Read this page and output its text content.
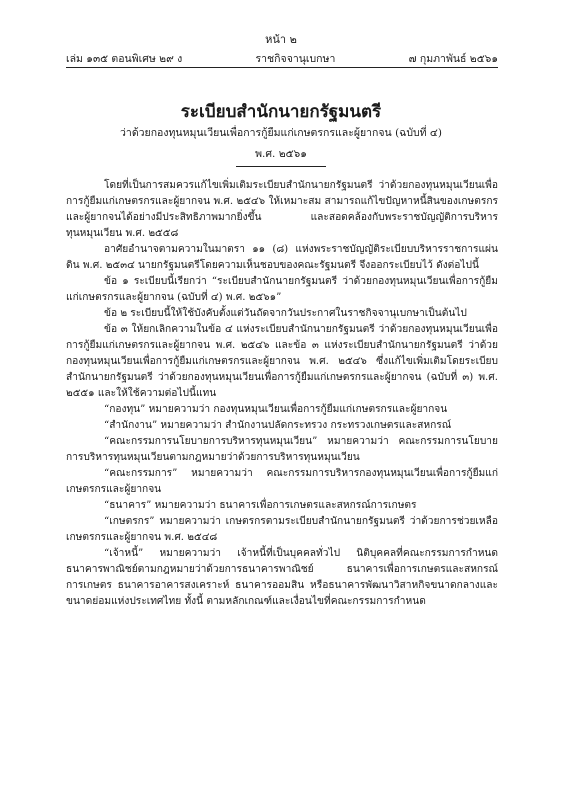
หน้า ๒
เล่ม ๑๓๕ ตอนพิเศษ ๒๙ ง	ราชกิจจานุเบกษา	๗ กุมภาพันธ์ ๒๕๖๑
ระเบียบสำนักนายกรัฐมนตรี
ว่าด้วยกองทุนหมุนเวียนเพื่อการกู้ยืมแก่เกษตรกรและผู้ยากจน (ฉบับที่ ๔)
พ.ศ. ๒๕๖๑

โดยที่เป็นการสมควรแก้ไขเพิ่มเติมระเบียบสำนักนายกรัฐมนตรี ว่าด้วยกองทุนหมุนเวียนเพื่อการกู้ยืมแก่เกษตรกรและผู้ยากจน พ.ศ. ๒๕๔๖ ให้เหมาะสม สามารถแก้ไขปัญหาหนี้สินของเกษตรกรและผู้ยากจนได้อย่างมีประสิทธิภาพมากยิ่งขึ้น และสอดคล้องกับพระราชบัญญัติการบริหารทุนหมุนเวียน พ.ศ. ๒๕๕๘

อาศัยอำนาจตามความในมาตรา ๑๑ (๘) แห่งพระราชบัญญัติระเบียบบริหารราชการแผ่นดิน พ.ศ. ๒๕๓๔ นายกรัฐมนตรีโดยความเห็นชอบของคณะรัฐมนตรี จึงออกระเบียบไว้ ดังต่อไปนี้

ข้อ ๑ ระเบียบนี้เรียกว่า “ระเบียบสำนักนายกรัฐมนตรี ว่าด้วยกองทุนหมุนเวียนเพื่อการกู้ยืมแก่เกษตรกรและผู้ยากจน (ฉบับที่ ๔) พ.ศ. ๒๕๖๑”

ข้อ ๒ ระเบียบนี้ให้ใช้บังคับตั้งแต่วันถัดจากวันประกาศในราชกิจจานุเบกษาเป็นต้นไป

ข้อ ๓ ให้ยกเลิกความในข้อ ๔ แห่งระเบียบสำนักนายกรัฐมนตรี ว่าด้วยกองทุนหมุนเวียนเพื่อการกู้ยืมแก่เกษตรกรและผู้ยากจน พ.ศ. ๒๕๔๖ และข้อ ๓ แห่งระเบียบสำนักนายกรัฐมนตรี ว่าด้วยกองทุนหมุนเวียนเพื่อการกู้ยืมแก่เกษตรกรและผู้ยากจน พ.ศ. ๒๕๔๖ ซึ่งแก้ไขเพิ่มเติมโดยระเบียบสำนักนายกรัฐมนตรี ว่าด้วยกองทุนหมุนเวียนเพื่อการกู้ยืมแก่เกษตรกรและผู้ยากจน (ฉบับที่ ๓) พ.ศ. ๒๕๕๑ และให้ใช้ความต่อไปนี้แทน

“กองทุน” หมายความว่า กองทุนหมุนเวียนเพื่อการกู้ยืมแก่เกษตรกรและผู้ยากจน

“สำนักงาน” หมายความว่า สำนักงานปลัดกระทรวง กระทรวงเกษตรและสหกรณ์

“คณะกรรมการนโยบายการบริหารทุนหมุนเวียน” หมายความว่า คณะกรรมการนโยบายการบริหารทุนหมุนเวียนตามกฎหมายว่าด้วยการบริหารทุนหมุนเวียน

“คณะกรรมการ” หมายความว่า คณะกรรมการบริหารกองทุนหมุนเวียนเพื่อการกู้ยืมแก่เกษตรกรและผู้ยากจน

“ธนาคาร” หมายความว่า ธนาคารเพื่อการเกษตรและสหกรณ์การเกษตร

“เกษตรกร” หมายความว่า เกษตรกรตามระเบียบสำนักนายกรัฐมนตรี ว่าด้วยการช่วยเหลือเกษตรกรและผู้ยากจน พ.ศ. ๒๕๔๘

“เจ้าหนี้” หมายความว่า เจ้าหนี้ที่เป็นบุคคลทั่วไป นิติบุคคลที่คณะกรรมการกำหนด ธนาคารพาณิชย์ตามกฎหมายว่าด้วยการธนาคารพาณิชย์ ธนาคารเพื่อการเกษตรและสหกรณ์การเกษตร ธนาคารอาคารสงเคราะห์ ธนาคารออมสิน หรือธนาคารพัฒนาวิสาหกิจขนาดกลางและขนาดย่อมแห่งประเทศไทย ทั้งนี้ ตามหลักเกณฑ์และเงื่อนไขที่คณะกรรมการกำหนด
